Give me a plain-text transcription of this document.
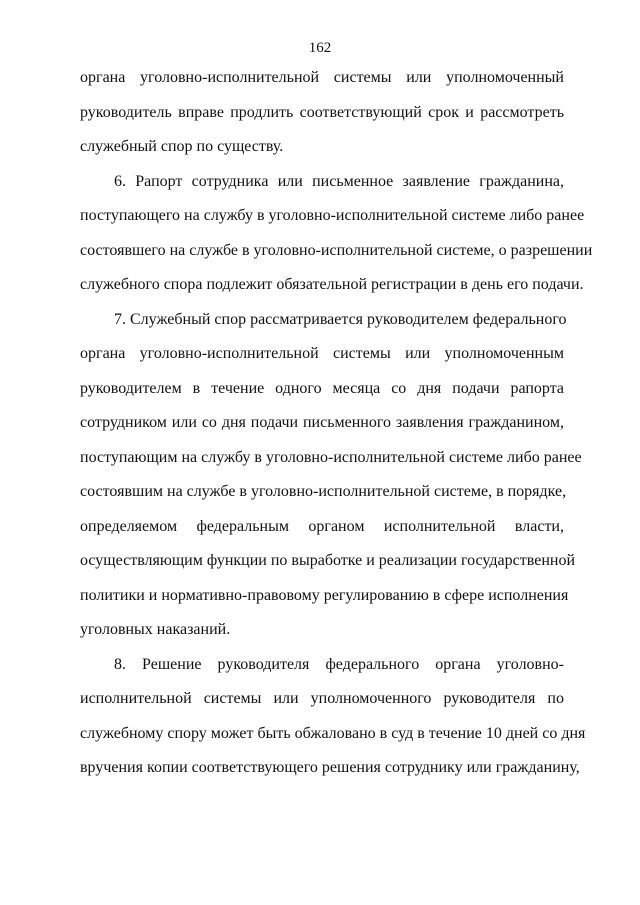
162
органа уголовно-исполнительной системы или уполномоченный
руководитель вправе продлить соответствующий срок и рассмотреть
служебный спор по существу.
6. Рапорт сотрудника или письменное заявление гражданина,
поступающего на службу в уголовно-исполнительной системе либо ранее
состоявшего на службе в уголовно-исполнительной системе, о разрешении
служебного спора подлежит обязательной регистрации в день его подачи.
7. Служебный спор рассматривается руководителем федерального
органа уголовно-исполнительной системы или уполномоченным
руководителем в течение одного месяца со дня подачи рапорта
сотрудником или со дня подачи письменного заявления гражданином,
поступающим на службу в уголовно-исполнительной системе либо ранее
состоявшим на службе в уголовно-исполнительной системе, в порядке,
определяемом федеральным органом исполнительной власти,
осуществляющим функции по выработке и реализации государственной
политики и нормативно-правовому регулированию в сфере исполнения
уголовных наказаний.
8. Решение руководителя федерального органа уголовно-
исполнительной системы или уполномоченного руководителя по
служебному спору может быть обжаловано в суд в течение 10 дней со дня
вручения копии соответствующего решения сотруднику или гражданину,
